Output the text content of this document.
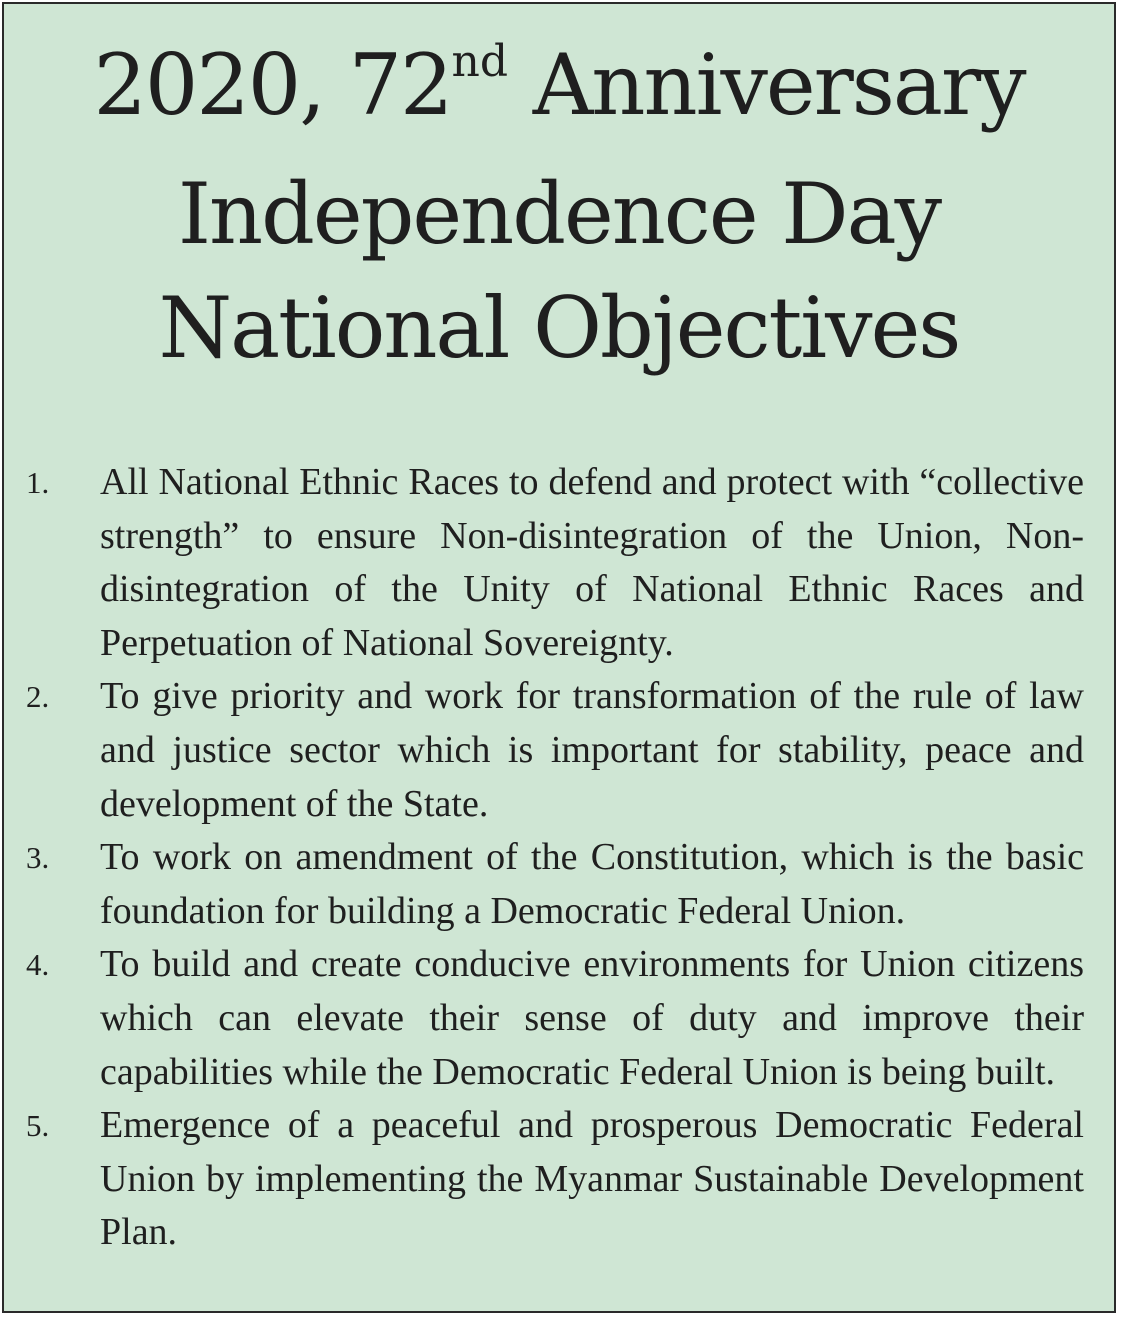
2020, 72nd Anniversary
Independence Day
National Objectives
1. All National Ethnic Races to defend and protect with “collective strength” to ensure Non-disintegration of the Union, Non-disintegration of the Unity of National Ethnic Races and Perpetuation of National Sovereignty.
2. To give priority and work for transformation of the rule of law and justice sector which is important for stability, peace and development of the State.
3. To work on amendment of the Constitution, which is the basic foundation for building a Democratic Federal Union.
4. To build and create conducive environments for Union citizens which can elevate their sense of duty and improve their capabilities while the Democratic Federal Union is being built.
5. Emergence of a peaceful and prosperous Democratic Federal Union by implementing the Myanmar Sustainable Development Plan.
